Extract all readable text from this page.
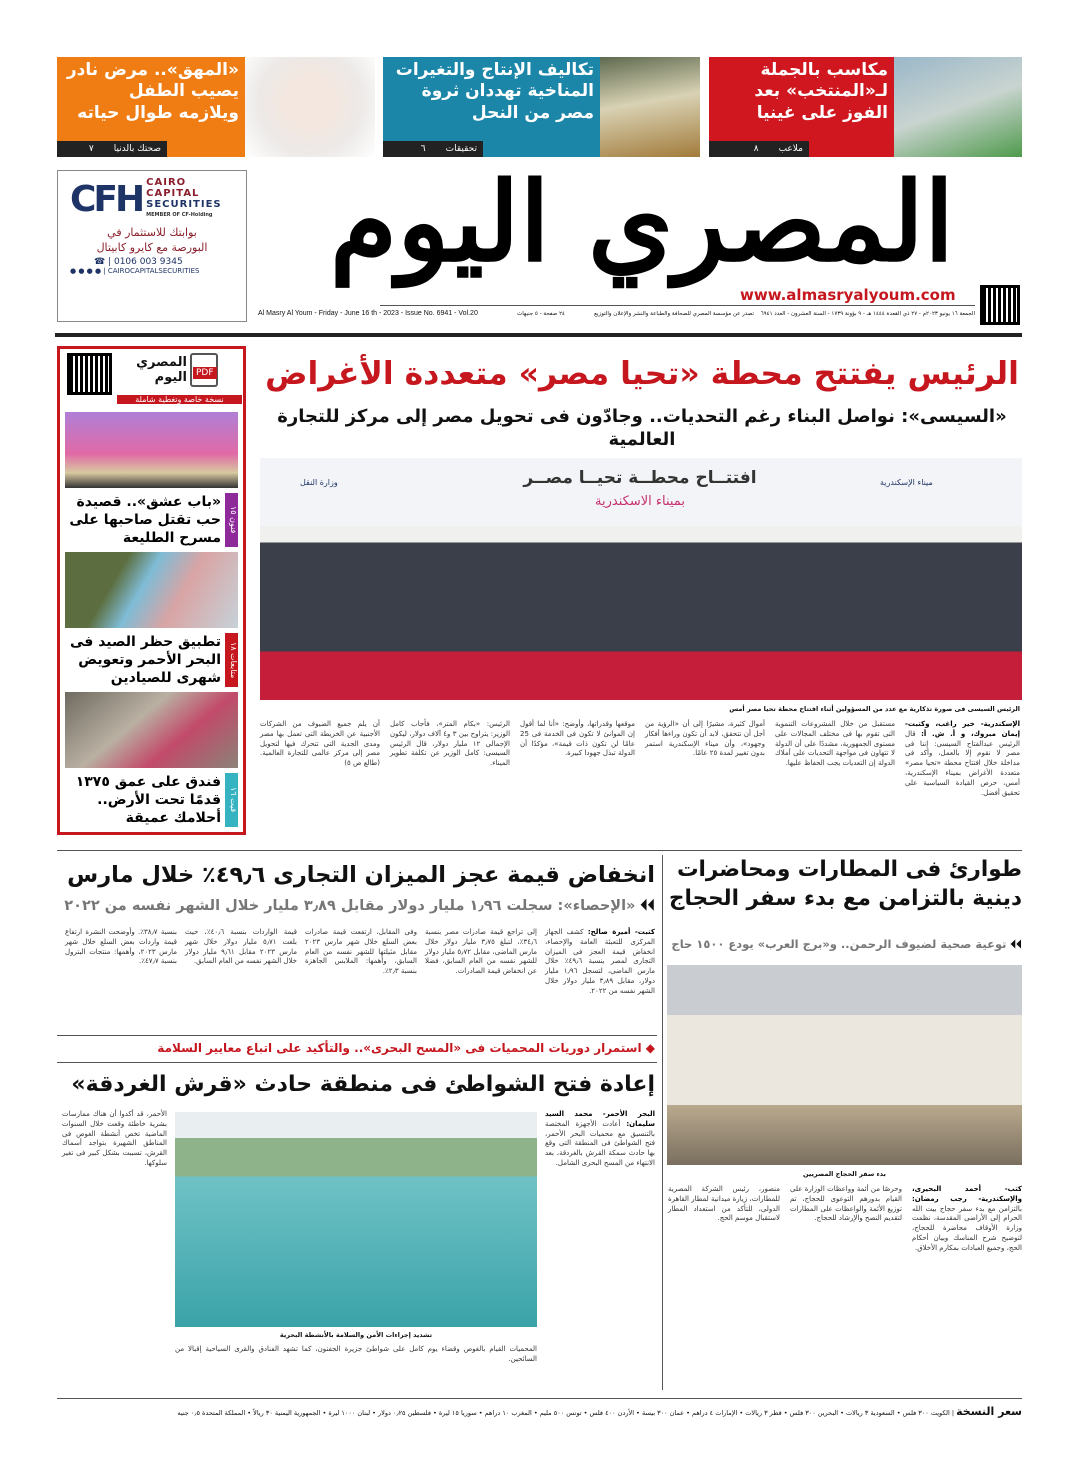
مكاسب بالجملة لـ«المنتخب» بعد الفوز على غينيا
ملاعب
٨
تكاليف الإنتاج والتغيرات المناخية تهددان ثروة مصر من النحل
تحقيقات
٦
«المهق».. مرض نادر يصيب الطفل ويلازمه طوال حياته
صحتك بالدنيا
٧
CFH CAIRO
CAPITAL
SECURITIES
MEMBER OF CF-Holding
بوابتك للاستثمار في
البورصة مع كايرو كابيتال
☎ | 0106 003 9345
● ● ● ● | CAIROCAPITALSECURITIES	المصري اليوم
www.almasryalyoum.com
الجمعة ١٦ يونيو ٢٠٢٣م - ٢٧ ذي القعدة ١٤٤٤ هـ - ٩ بؤونة ١٧٣٩ - السنة العشرون - العدد ٦٩٤١
تصدر عن مؤسسة المصري للصحافة والطباعة والنشر والإعلان والتوزيع
٢٤ صفحة - ٥ جنيهات
Al Masry Al Youm - Friday - June 16 th - 2023 - Issue No. 6941 - Vol.20
PDF
المصري اليوم
نسخة خاصة وتغطية شاملة
«باب عشق».. قصيدة حب تقتل صاحبها على مسرح الطليعة
فنون ١٥
تطبيق حظر الصيد فى البحر الأحمر وتعويض شهرى للصيادين
متابعات ١٨
فندق على عمق ١٣٧٥ قدمًا تحت الأرض.. أحلامك عميقة
قيت ١٦
الرئيس يفتتح محطة «تحيا مصر» متعددة الأغراض
«السيسى»: نواصل البناء رغم التحديات.. وجادّون فى تحويل مصر إلى مركز للتجارة العالمية
افتتــاح محطــة تحيــا مصــر
بميناء الاسكندرية
وزارة النقل	ميناء الإسكندرية
الرئيس السيسى فى صورة تذكارية مع عدد من المسؤولين أثناء افتتاح محطة تحيا مصر أمس
الإسكندرية- خير راغب، وكتبت- إيمان مبروك، و أ. ش. أ: قال الرئيس عبدالفتاح السيسى: إننا فى مصر لا نقوم إلا بالعمل، وأكد فى مداخلة خلال افتتاح محطة «تحيا مصر» متعددة الأغراض بميناء الإسكندرية، أمس، حرص القيادة السياسية على تحقيق أفضل.
مستقبل من خلال المشروعات التنموية التى تقوم بها فى مختلف المجالات على مستوى الجمهورية، مشددًا على أن الدولة لا تتهاون فى مواجهة التحديات على أملاك الدولة إن التعديات يجب الحفاظ عليها.
أموال كثيرة، مشيرًا إلى أن «الرؤية من أجل أن تتحقق، لابد أن تكون وراءها أفكار وجهود»، وأن ميناء الإسكندرية استمر بدون تغيير لمدة ٢٥ عامًا.
موقعها وقدراتها، وأوضح: «أنا لما أقول إن الموانئ لا تكون فى الخدمة فى 25 عامًا لن تكون ذات قيمة»، مؤكدًا أن الدولة تبذل جهودا كبيرة.
الرئيس: «بكام المتر»، فأجاب كامل الوزير: يتراوح بين ٣ و٤ آلاف دولار، ليكون الإجمالى ١٢ مليار دولار، قال الرئيس السيسى: كامل الوزير عن تكلفة تطوير الميناء.
أن يلم جميع الضيوف من الشركات الأجنبية عن الخريطة التى تعمل بها مصر ومدى الجدية التى تتحرك فيها لتحويل مصر إلى مركز عالمى للتجارة العالمية. (طالع ص ٥)
انخفاض قيمة عجز الميزان التجارى ٤٩٫٦٪ خلال مارس
⏴⏴ «الإحصاء»: سجلت ١٫٩٦ مليار دولار مقابل ٣٫٨٩ مليار خلال الشهر نفسه من ٢٠٢٢
كتبت- أميرة صالح: كشف الجهاز المركزى للتعبئة العامة والإحصاء، انخفاض قيمة العجز فى الميزان التجارى لمصر بنسبة ٤٩٫٦٪ خلال مارس الماضى، لتسجل ١٫٩٦ مليار دولار، مقابل ٣٫٨٩ مليار دولار خلال الشهر نفسه من ٢٠٢٢.
إلى تراجع قيمة صادرات مصر بنسبة ٣٤٫٦٪، لتبلغ ٣٫٧٥ مليار دولار خلال مارس الماضى، مقابل ٥٫٧٢ مليار دولار للشهر نفسه من العام السابق، فضلا عن انخفاض قيمة الصادرات.
وفى المقابل، ارتفعت قيمة صادرات بعض السلع خلال شهر مارس ٢٠٢٣ مقابل مثيلتها للشهر نفسه من العام السابق، وأهمها: الملابس الجاهزة بنسبة ٢٫٣٪.
قيمة الواردات بنسبة ٤٠٫٦٪، حيث بلغت ٥٫٧١ مليار دولار خلال شهر مارس ٢٠٢٣ مقابل ٩٫٦١ مليار دولار خلال الشهر نفسه من العام السابق.
بنسبة ٣٨٫٧٪. وأوضحت النشرة ارتفاع قيمة واردات بعض السلع خلال شهر مارس ٢٠٢٣، وأهمها: منتجات البترول بنسبة ٤٧٫٧٪.
◆ استمرار دوريات المحميات فى «المسح البحرى».. والتأكيد على اتباع معايير السلامة
إعادة فتح الشواطئ فى منطقة حادث «قرش الغردقة»
البحر الأحمر- محمد السيد سليمان: أعادت الأجهزة المختصة بالتنسيق مع محميات البحر الأحمر، فتح الشواطئ فى المنطقة التى وقع بها حادث سمكة القرش بالغردقة، بعد الانتهاء من المسح البحرى الشامل.
تشديد إجراءات الأمن والسلامة بالأنشطة البحرية
الأحمر، قد أكدوا أن هناك ممارسات بشرية خاطئة وقعت خلال السنوات الماضية تخص أنشطة الغوص فى المناطق الشهيرة بتواجد أسماك القرش، تسببت بشكل كبير فى تغير سلوكها.
المحميات القيام بالغوص وقضاء يوم كامل على شواطئ جزيرة الجفتون، كما تشهد الفنادق والقرى السياحية إقبالا من السائحين.
طوارئ فى المطارات ومحاضرات دينية بالتزامن مع بدء سفر الحجاج
⏴⏴ توعية صحية لضيوف الرحمن.. و«برج العرب» يودع ١٥٠٠ حاج
بدء سفر الحجاج المصريين
كتب- أحمد البحيرى، والإسكندرية- رجب رمضان: بالتزامن مع بدء سفر حجاج بيت الله الحرام إلى الأراضى المقدسة، نظمت وزارة الأوقاف محاضرة للحجاج، لتوضيح شرح المناسك وبيان أحكام الحج، وجميع العبادات بمكارم الأخلاق.
وحرصًا من أئمة وواعظات الوزارة على القيام بدورهم التوعوى للحجاج، تم توزيع الأئمة والواعظات على المطارات لتقديم النصح والإرشاد للحجاج.
منصور، رئيس الشركة المصرية للمطارات، زيارة ميدانية لمطار القاهرة الدولى، للتأكد من استعداد المطار لاستقبال موسم الحج.
سعر النسخة | الكويت ٣٠٠ فلس • السعودية ٣ ريالات • البحرين ٣٠٠ فلس • قطر ٣ ريالات • الإمارات ٤ دراهم • عمان ٣٠٠ بيسة • الأردن ٤٠٠ فلس • تونس ٥٠٠ مليم • المغرب ١٠ دراهم • سوريا ١٥ ليرة • فلسطين ٠٫٢٥ دولار • لبنان ١٠٠٠ ليرة • الجمهورية اليمنية ٣٠ ريالاً • المملكة المتحدة ٠٫٥ جنيه
